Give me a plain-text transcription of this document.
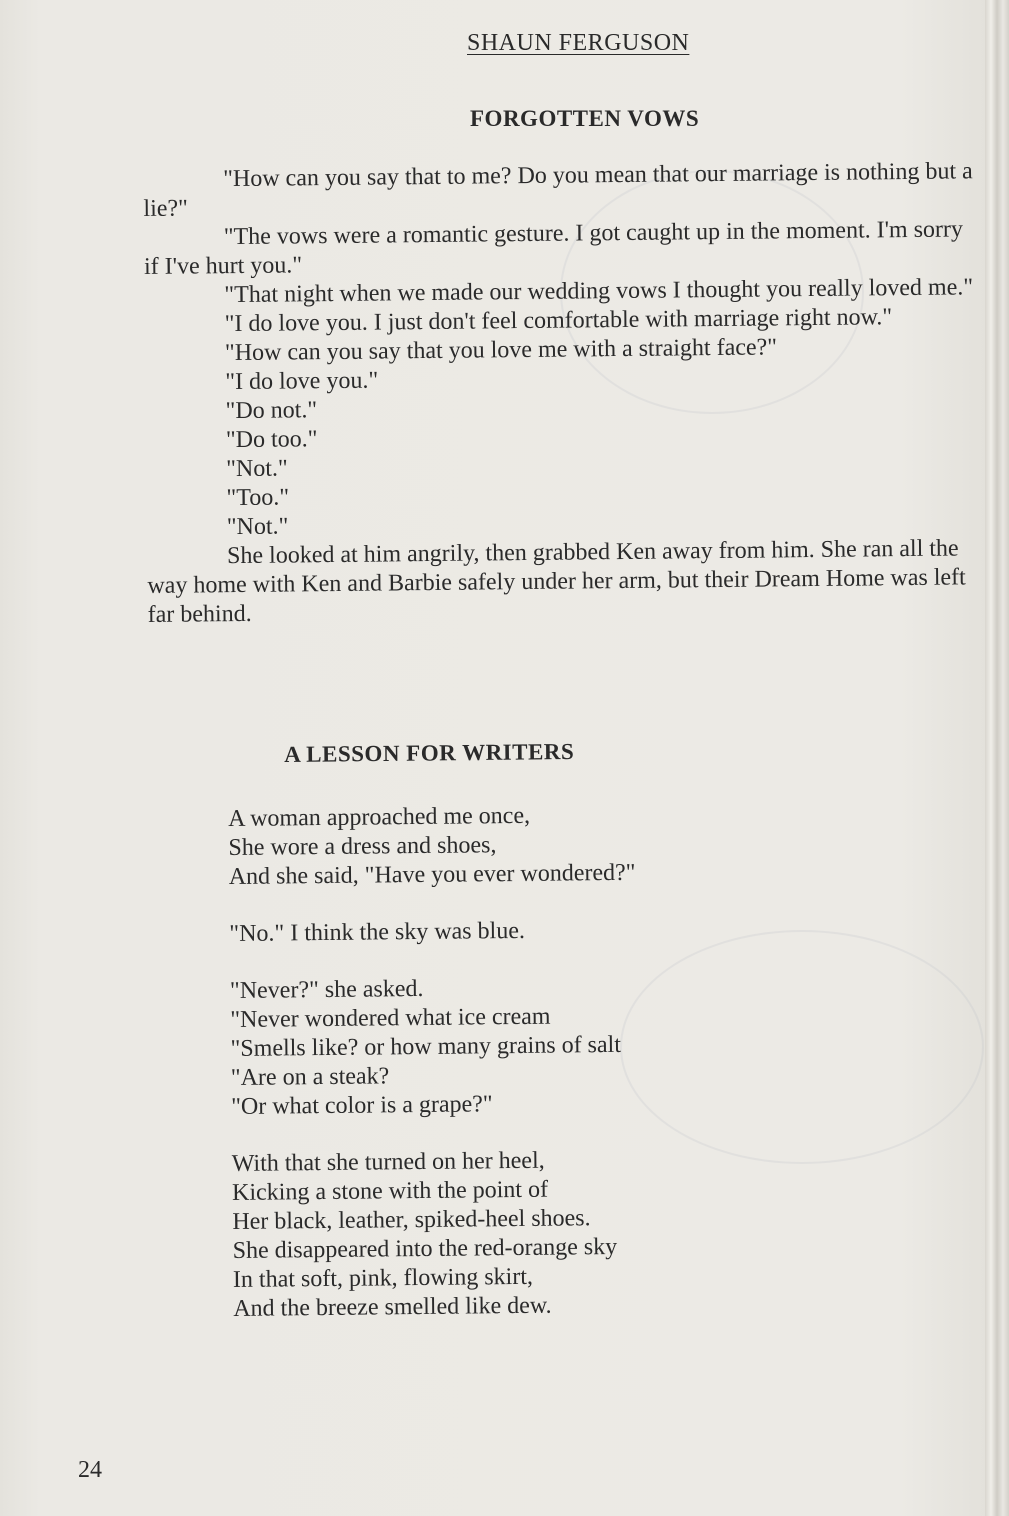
SHAUN FERGUSON
FORGOTTEN VOWS

"How can you say that to me? Do you mean that our marriage is nothing but a lie?"

"The vows were a romantic gesture. I got caught up in the moment. I'm sorry if I've hurt you."

"That night when we made our wedding vows I thought you really loved me."

"I do love you. I just don't feel comfortable with marriage right now."

"How can you say that you love me with a straight face?"

"I do love you."

"Do not."

"Do too."

"Not."

"Too."

"Not."

She looked at him angrily, then grabbed Ken away from him. She ran all the way home with Ken and Barbie safely under her arm, but their Dream Home was left far behind.

A LESSON FOR WRITERS
A woman approached me once,
She wore a dress and shoes,
And she said, "Have you ever wondered?"
"No." I think the sky was blue.
"Never?" she asked.
"Never wondered what ice cream
"Smells like? or how many grains of salt
"Are on a steak?
"Or what color is a grape?"
With that she turned on her heel,
Kicking a stone with the point of
Her black, leather, spiked-heel shoes.
She disappeared into the red-orange sky
In that soft, pink, flowing skirt,
And the breeze smelled like dew.
24
